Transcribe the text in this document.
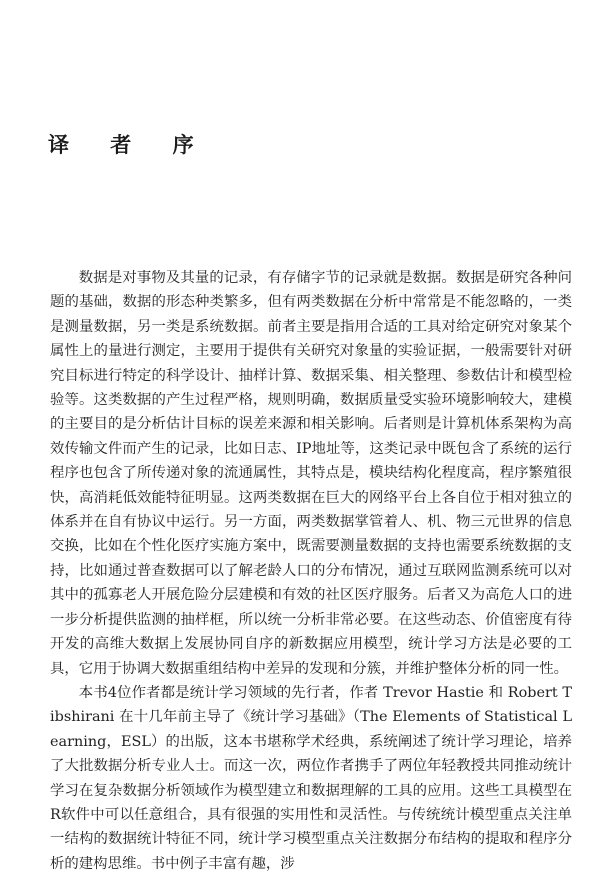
译 者 序

数据是对事物及其量的记录，有存储字节的记录就是数据。数据是研究各种问题的基础，数据的形态种类繁多，但有两类数据在分析中常常是不能忽略的，一类是测量数据，另一类是系统数据。前者主要是指用合适的工具对给定研究对象某个属性上的量进行测定，主要用于提供有关研究对象量的实验证据，一般需要针对研究目标进行特定的科学设计、抽样计算、数据采集、相关整理、参数估计和模型检验等。这类数据的产生过程严格，规则明确，数据质量受实验环境影响较大，建模的主要目的是分析估计目标的误差来源和相关影响。后者则是计算机体系架构为高效传输文件而产生的记录，比如日志、IP地址等，这类记录中既包含了系统的运行程序也包含了所传递对象的流通属性，其特点是，模块结构化程度高，程序繁殖很快，高消耗低效能特征明显。这两类数据在巨大的网络平台上各自位于相对独立的体系并在自有协议中运行。另一方面，两类数据掌管着人、机、物三元世界的信息交换，比如在个性化医疗实施方案中，既需要测量数据的支持也需要系统数据的支持，比如通过普查数据可以了解老龄人口的分布情况，通过互联网监测系统可以对其中的孤寡老人开展危险分层建模和有效的社区医疗服务。后者又为高危人口的进一步分析提供监测的抽样框，所以统一分析非常必要。在这些动态、价值密度有待开发的高维大数据上发展协同自序的新数据应用模型，统计学习方法是必要的工具，它用于协调大数据重组结构中差异的发现和分簇，并维护整体分析的同一性。

本书4位作者都是统计学习领域的先行者，作者 Trevor Hastie 和 Robert Tibshirani 在十几年前主导了《统计学习基础》（The Elements of Statistical Learning，ESL）的出版，这本书堪称学术经典，系统阐述了统计学习理论，培养了大批数据分析专业人士。而这一次，两位作者携手了两位年轻教授共同推动统计学习在复杂数据分析领域作为模型建立和数据理解的工具的应用。这些工具模型在R软件中可以任意组合，具有很强的实用性和灵活性。与传统统计模型重点关注单一结构的数据统计特征不同，统计学习模型重点关注数据分布结构的提取和程序分析的建构思维。书中例子丰富有趣，涉
